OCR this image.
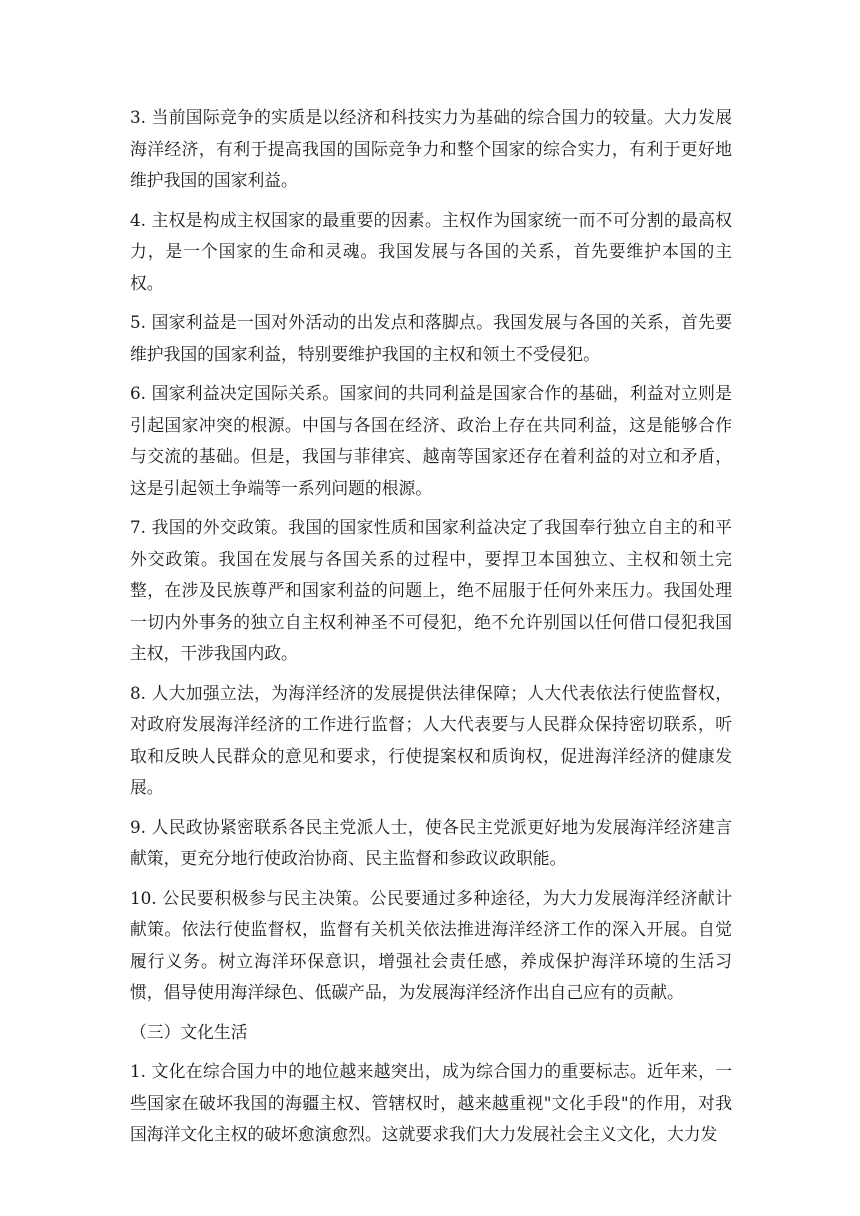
3. 当前国际竞争的实质是以经济和科技实力为基础的综合国力的较量。大力发展海洋经济，有利于提高我国的国际竞争力和整个国家的综合实力，有利于更好地维护我国的国家利益。

4. 主权是构成主权国家的最重要的因素。主权作为国家统一而不可分割的最高权力，是一个国家的生命和灵魂。我国发展与各国的关系，首先要维护本国的主权。

5. 国家利益是一国对外活动的出发点和落脚点。我国发展与各国的关系，首先要维护我国的国家利益，特别要维护我国的主权和领土不受侵犯。

6. 国家利益决定国际关系。国家间的共同利益是国家合作的基础，利益对立则是引起国家冲突的根源。中国与各国在经济、政治上存在共同利益，这是能够合作与交流的基础。但是，我国与菲律宾、越南等国家还存在着利益的对立和矛盾，这是引起领土争端等一系列问题的根源。

7. 我国的外交政策。我国的国家性质和国家利益决定了我国奉行独立自主的和平外交政策。我国在发展与各国关系的过程中，要捍卫本国独立、主权和领土完整，在涉及民族尊严和国家利益的问题上，绝不屈服于任何外来压力。我国处理一切内外事务的独立自主权利神圣不可侵犯，绝不允许别国以任何借口侵犯我国主权，干涉我国内政。

8. 人大加强立法，为海洋经济的发展提供法律保障；人大代表依法行使监督权，对政府发展海洋经济的工作进行监督；人大代表要与人民群众保持密切联系，听取和反映人民群众的意见和要求，行使提案权和质询权，促进海洋经济的健康发展。

9. 人民政协紧密联系各民主党派人士，使各民主党派更好地为发展海洋经济建言献策，更充分地行使政治协商、民主监督和参政议政职能。

10. 公民要积极参与民主决策。公民要通过多种途径，为大力发展海洋经济献计献策。依法行使监督权，监督有关机关依法推进海洋经济工作的深入开展。自觉履行义务。树立海洋环保意识，增强社会责任感，养成保护海洋环境的生活习惯，倡导使用海洋绿色、低碳产品，为发展海洋经济作出自己应有的贡献。

（三）文化生活

1. 文化在综合国力中的地位越来越突出，成为综合国力的重要标志。近年来，一些国家在破坏我国的海疆主权、管辖权时，越来越重视"文化手段"的作用，对我国海洋文化主权的破坏愈演愈烈。这就要求我们大力发展社会主义文化，大力发
